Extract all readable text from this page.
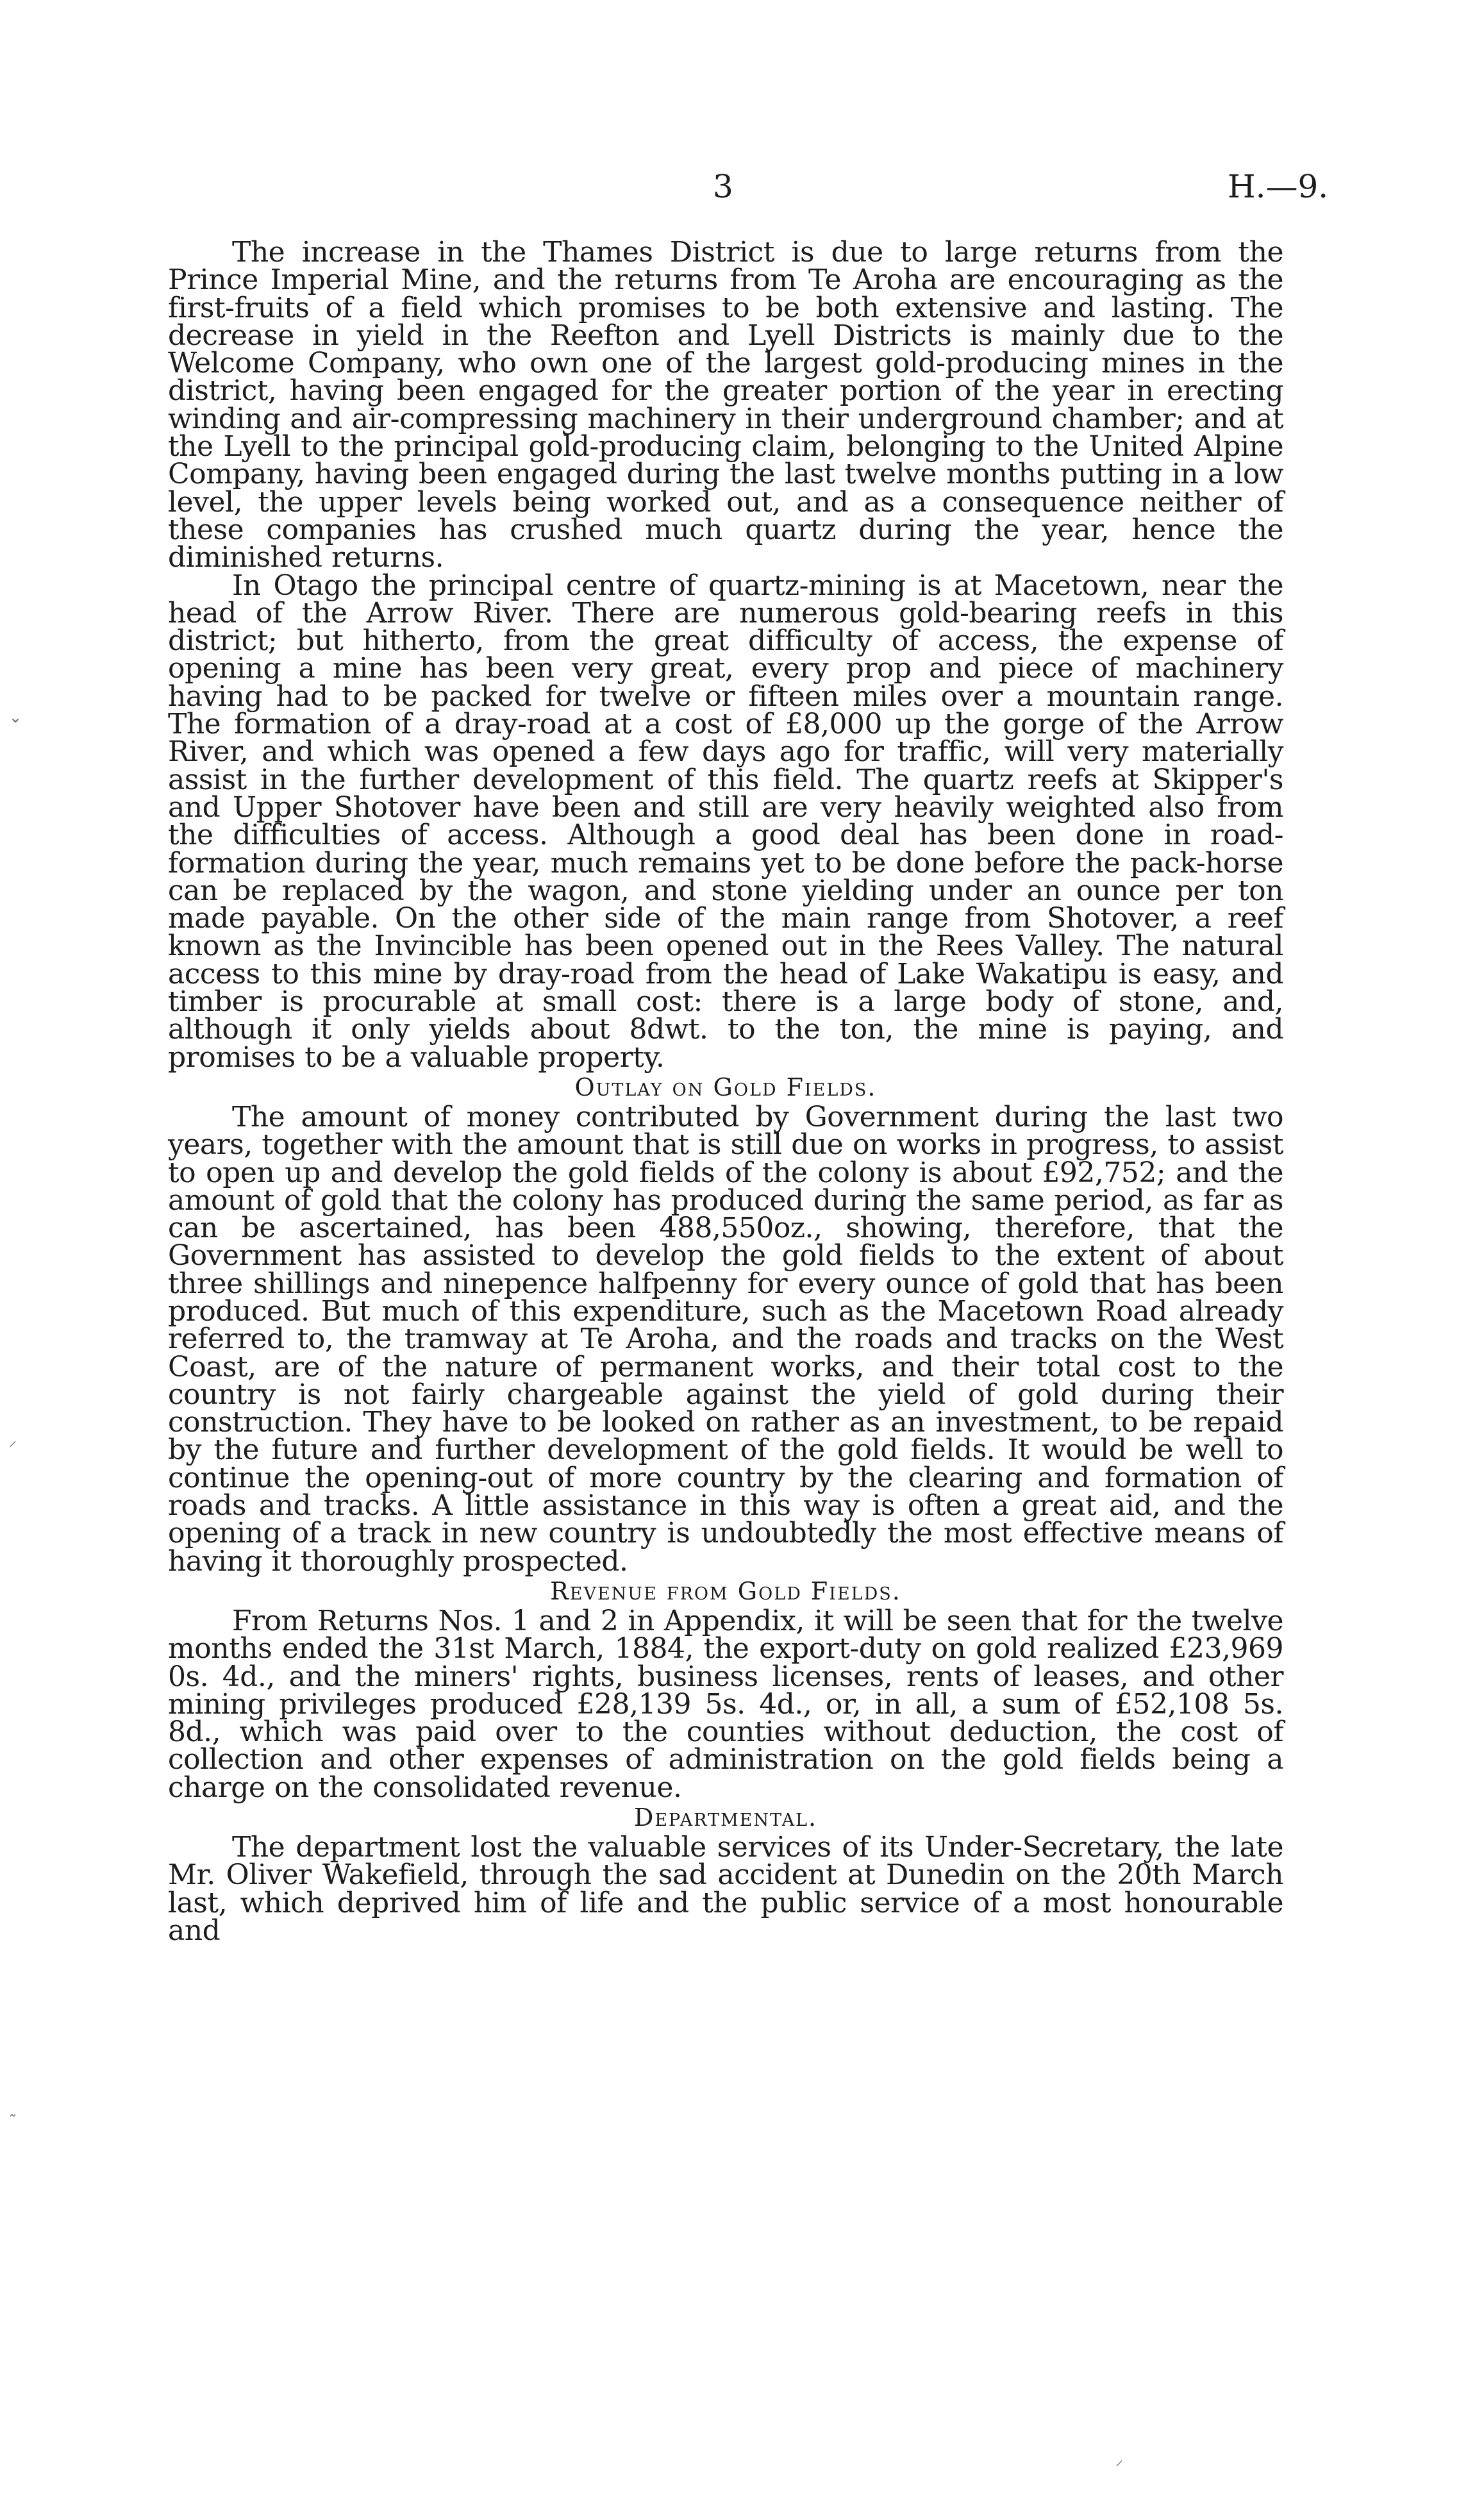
3	H.—9.

The increase in the Thames District is due to large returns from the Prince Imperial Mine, and the returns from Te Aroha are encouraging as the first-fruits of a field which promises to be both extensive and lasting. The decrease in yield in the Reefton and Lyell Districts is mainly due to the Welcome Company, who own one of the largest gold-producing mines in the district, having been engaged for the greater portion of the year in erecting winding and air-compressing machinery in their underground chamber; and at the Lyell to the principal gold-producing claim, belonging to the United Alpine Company, having been engaged during the last twelve months putting in a low level, the upper levels being worked out, and as a consequence neither of these companies has crushed much quartz during the year, hence the diminished returns.

In Otago the principal centre of quartz-mining is at Macetown, near the head of the Arrow River. There are numerous gold-bearing reefs in this district; but hitherto, from the great difficulty of access, the expense of opening a mine has been very great, every prop and piece of machinery having had to be packed for twelve or fifteen miles over a mountain range. The formation of a dray-road at a cost of £8,000 up the gorge of the Arrow River, and which was opened a few days ago for traffic, will very materially assist in the further development of this field. The quartz reefs at Skipper's and Upper Shotover have been and still are very heavily weighted also from the difficulties of access. Although a good deal has been done in road-formation during the year, much remains yet to be done before the pack-horse can be replaced by the wagon, and stone yielding under an ounce per ton made payable. On the other side of the main range from Shotover, a reef known as the Invincible has been opened out in the Rees Valley. The natural access to this mine by dray-road from the head of Lake Wakatipu is easy, and timber is procurable at small cost: there is a large body of stone, and, although it only yields about 8dwt. to the ton, the mine is paying, and promises to be a valuable property.

Outlay on Gold Fields.

The amount of money contributed by Government during the last two years, together with the amount that is still due on works in progress, to assist to open up and develop the gold fields of the colony is about £92,752; and the amount of gold that the colony has produced during the same period, as far as can be ascertained, has been 488,550oz., showing, therefore, that the Government has assisted to develop the gold fields to the extent of about three shillings and ninepence halfpenny for every ounce of gold that has been produced. But much of this expenditure, such as the Macetown Road already referred to, the tramway at Te Aroha, and the roads and tracks on the West Coast, are of the nature of permanent works, and their total cost to the country is not fairly chargeable against the yield of gold during their construction. They have to be looked on rather as an investment, to be repaid by the future and further development of the gold fields. It would be well to continue the opening-out of more country by the clearing and formation of roads and tracks. A little assistance in this way is often a great aid, and the opening of a track in new country is undoubtedly the most effective means of having it thoroughly prospected.

Revenue from Gold Fields.

From Returns Nos. 1 and 2 in Appendix, it will be seen that for the twelve months ended the 31st March, 1884, the export-duty on gold realized £23,969 0s. 4d., and the miners' rights, business licenses, rents of leases, and other mining privileges produced £28,139 5s. 4d., or, in all, a sum of £52,108 5s. 8d., which was paid over to the counties without deduction, the cost of collection and other expenses of administration on the gold fields being a charge on the consolidated revenue.

Departmental.

The department lost the valuable services of its Under-Secretary, the late Mr. Oliver Wakefield, through the sad accident at Dunedin on the 20th March last, which deprived him of life and the public service of a most honourable and

⌄
⸝
˷
⸝
